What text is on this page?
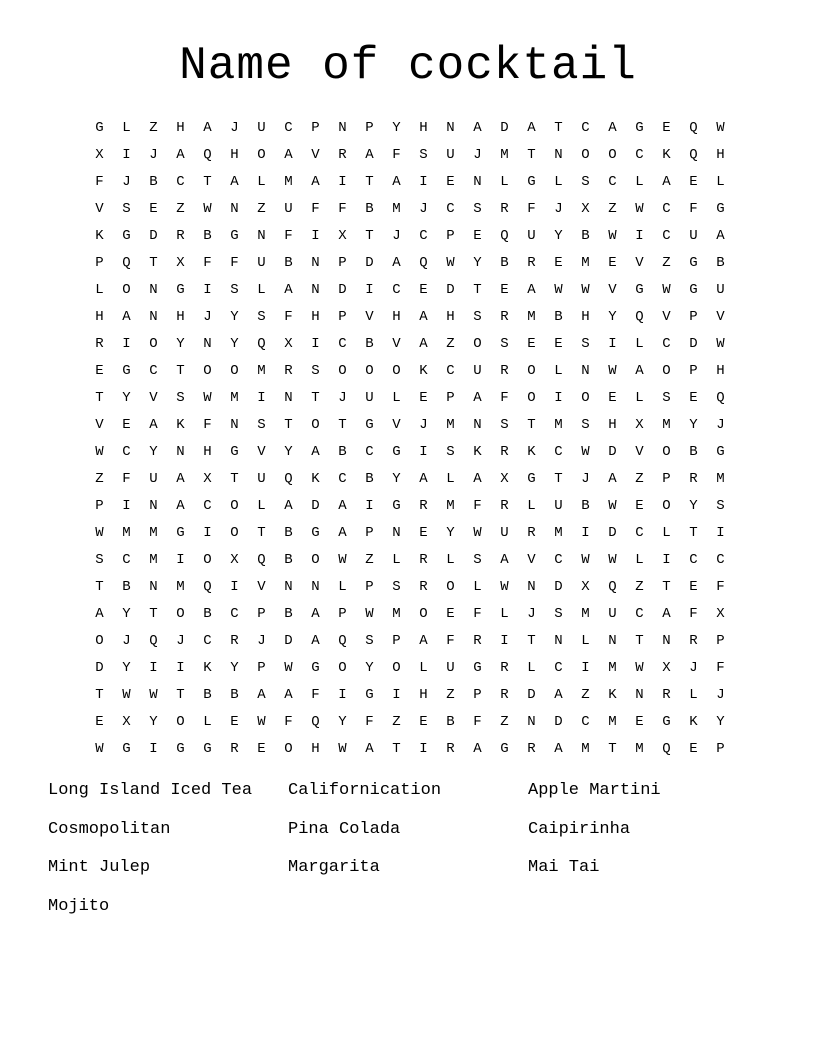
Name of cocktail
G	L	Z	H	A	J	U	C	P	N	P	Y	H	N	A	D	A	T	C	A	G	E	Q	W
X	I	J	A	Q	H	O	A	V	R	A	F	S	U	J	M	T	N	O	O	C	K	Q	H
F	J	B	C	T	A	L	M	A	I	T	A	I	E	N	L	G	L	S	C	L	A	E	L
V	S	E	Z	W	N	Z	U	F	F	B	M	J	C	S	R	F	J	X	Z	W	C	F	G
K	G	D	R	B	G	N	F	I	X	T	J	C	P	E	Q	U	Y	B	W	I	C	U	A
P	Q	T	X	F	F	U	B	N	P	D	A	Q	W	Y	B	R	E	M	E	V	Z	G	B
L	O	N	G	I	S	L	A	N	D	I	C	E	D	T	E	A	W	W	V	G	W	G	U
H	A	N	H	J	Y	S	F	H	P	V	H	A	H	S	R	M	B	H	Y	Q	V	P	V
R	I	O	Y	N	Y	Q	X	I	C	B	V	A	Z	O	S	E	E	S	I	L	C	D	W
E	G	C	T	O	O	M	R	S	O	O	O	K	C	U	R	O	L	N	W	A	O	P	H
T	Y	V	S	W	M	I	N	T	J	U	L	E	P	A	F	O	I	O	E	L	S	E	Q
V	E	A	K	F	N	S	T	O	T	G	V	J	M	N	S	T	M	S	H	X	M	Y	J
W	C	Y	N	H	G	V	Y	A	B	C	G	I	S	K	R	K	C	W	D	V	O	B	G
Z	F	U	A	X	T	U	Q	K	C	B	Y	A	L	A	X	G	T	J	A	Z	P	R	M
P	I	N	A	C	O	L	A	D	A	I	G	R	M	F	R	L	U	B	W	E	O	Y	S
W	M	M	G	I	O	T	B	G	A	P	N	E	Y	W	U	R	M	I	D	C	L	T	I
S	C	M	I	O	X	Q	B	O	W	Z	L	R	L	S	A	V	C	W	W	L	I	C	C
T	B	N	M	Q	I	V	N	N	L	P	S	R	O	L	W	N	D	X	Q	Z	T	E	F
A	Y	T	O	B	C	P	B	A	P	W	M	O	E	F	L	J	S	M	U	C	A	F	X
O	J	Q	J	C	R	J	D	A	Q	S	P	A	F	R	I	T	N	L	N	T	N	R	P
D	Y	I	I	K	Y	P	W	G	O	Y	O	L	U	G	R	L	C	I	M	W	X	J	F
T	W	W	T	B	B	A	A	F	I	G	I	H	Z	P	R	D	A	Z	K	N	R	L	J
E	X	Y	O	L	E	W	F	Q	Y	F	Z	E	B	F	Z	N	D	C	M	E	G	K	Y
W	G	I	G	G	R	E	O	H	W	A	T	I	R	A	G	R	A	M	T	M	Q	E	P
Long Island Iced Tea	Californication	Apple Martini
Cosmopolitan	Pina Colada	Caipirinha
Mint Julep	Margarita	Mai Tai
Mojito
